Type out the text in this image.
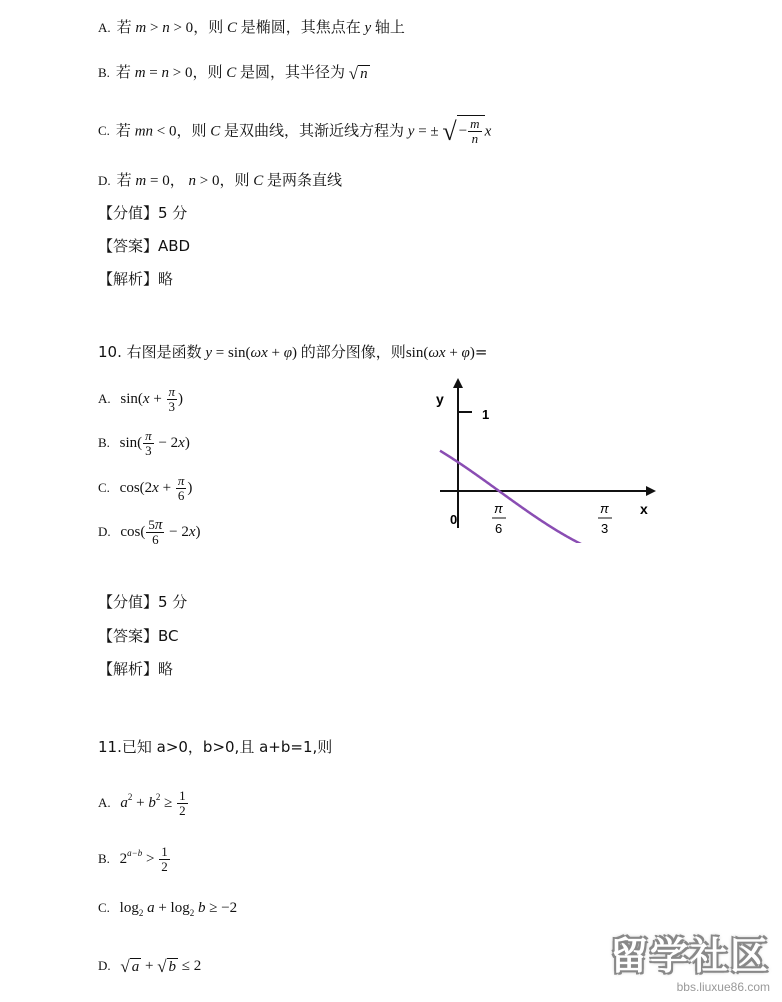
A. 若 m > n > 0，则 C 是椭圆，其焦点在 y 轴上
B. 若 m = n > 0，则 C 是圆，其半径为 √ n
C. 若 mn < 0，则 C 是双曲线，其渐近线方程为 y = ± √ − $\frac{m}{n}$ x
D. 若 m = 0， n > 0，则 C 是两条直线
【分值】5 分
【答案】ABD
【解析】略
10. 右图是函数 y = sin(ωx + φ) 的部分图像，则sin(ωx + φ)=
A. $\sin(x + \frac{\pi}{3}$ )
B. $\sin( \frac{\pi}{3} - 2x)$
C. $\cos(2x + \frac{\pi}{6}$ )
D. $\cos( \frac{5\pi}{6} - 2x)$
1
y
x
0
π
6
π
3
【分值】5 分
【答案】BC
【解析】略
11.已知 a>0，b>0,且 a+b=1,则
A. $a^2 + b^2 \ge \frac{1}{2}$
B. $2^{a-b} > \frac{1}{2}$
C. $\log_2 a + \log_2 b \ge -2$
D. √ a + √ b ≤ 2	留学社区
bbs.liuxue86.com
